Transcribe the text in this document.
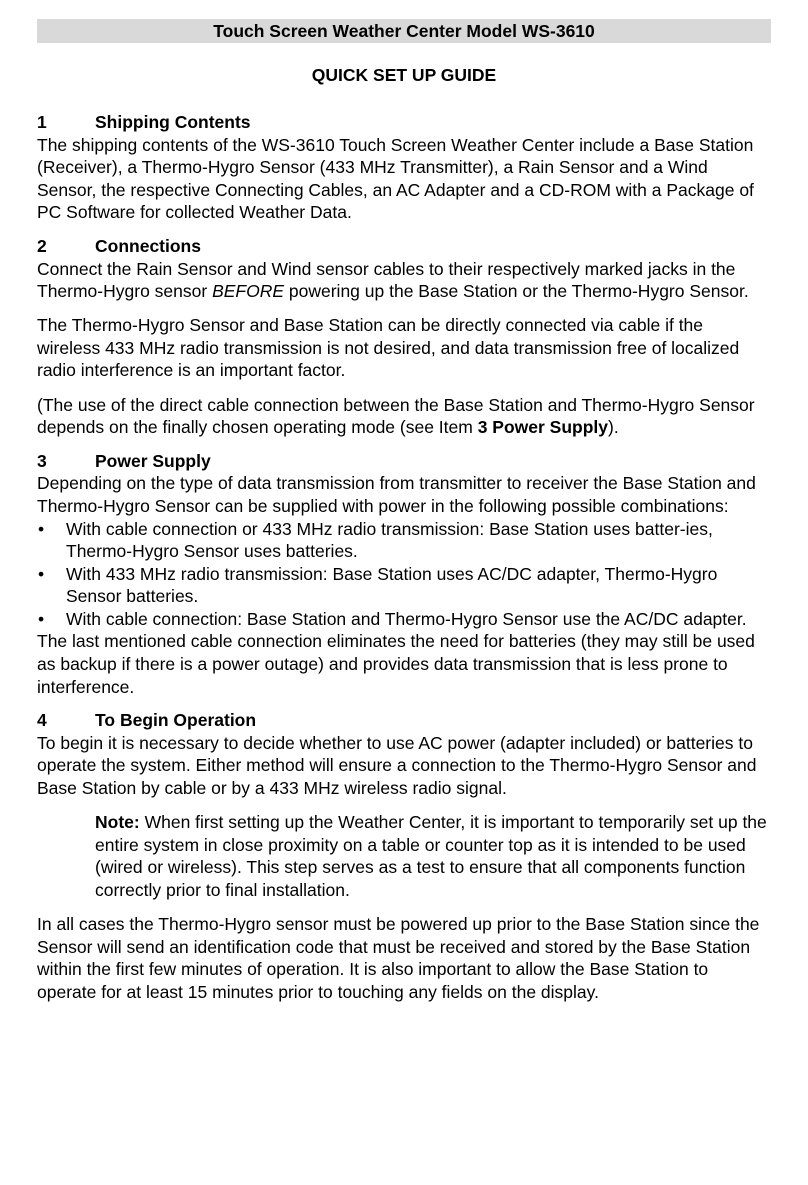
Touch Screen Weather Center Model WS-3610
QUICK SET UP GUIDE
1	Shipping Contents

The shipping contents of the WS-3610 Touch Screen Weather Center include a Base Station (Receiver), a Thermo-Hygro Sensor (433 MHz Transmitter), a Rain Sensor and a Wind Sensor, the respective Connecting Cables, an AC Adapter and a CD-ROM with a Package of PC Software for collected Weather Data.

2	Connections

Connect the Rain Sensor and Wind sensor cables to their respectively marked jacks in the Thermo-Hygro sensor BEFORE powering up the Base Station or the Thermo-Hygro Sensor.

The Thermo-Hygro Sensor and Base Station can be directly connected via cable if the wireless 433 MHz radio transmission is not desired, and data transmission free of localized radio interference is an important factor.

(The use of the direct cable connection between the Base Station and Thermo-Hygro Sensor depends on the finally chosen operating mode (see Item 3 Power Supply).

3	Power Supply

Depending on the type of data transmission from transmitter to receiver the Base Station and Thermo-Hygro Sensor can be supplied with power in the following possible combinations:

• With cable connection or 433 MHz radio transmission: Base Station uses batter-ies, Thermo-Hygro Sensor uses batteries.
• With 433 MHz radio transmission: Base Station uses AC/DC adapter, Thermo-Hygro Sensor batteries.
• With cable connection: Base Station and Thermo-Hygro Sensor use the AC/DC adapter.

The last mentioned cable connection eliminates the need for batteries (they may still be used as backup if there is a power outage) and provides data transmission that is less prone to interference.

4	To Begin Operation

To begin it is necessary to decide whether to use AC power (adapter included) or batteries to operate the system. Either method will ensure a connection to the Thermo-Hygro Sensor and Base Station by cable or by a 433 MHz wireless radio signal.

Note: When first setting up the Weather Center, it is important to temporarily set up the entire system in close proximity on a table or counter top as it is intended to be used (wired or wireless). This step serves as a test to ensure that all components function correctly prior to final installation.

In all cases the Thermo-Hygro sensor must be powered up prior to the Base Station since the Sensor will send an identification code that must be received and stored by the Base Station within the first few minutes of operation. It is also important to allow the Base Station to operate for at least 15 minutes prior to touching any fields on the display.
